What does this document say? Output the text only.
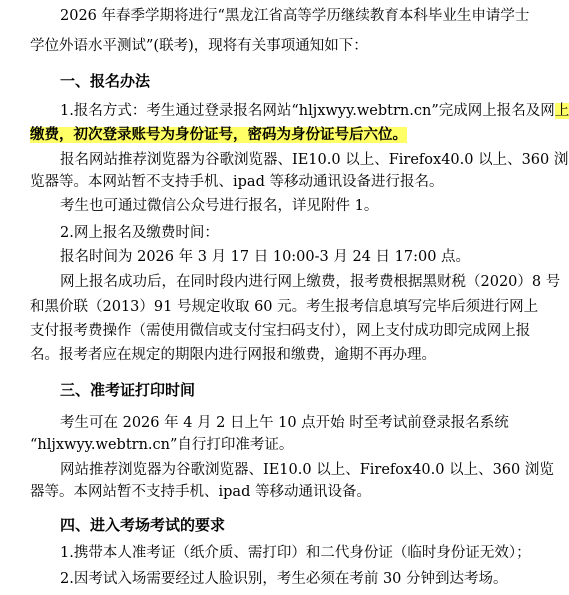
2026 年春季学期将进行“黑龙江省高等学历继续教育本科毕业生申请学士
学位外语水平测试”(联考)，现将有关事项通知如下：
一、报名办法
1.报名方式：考生通过登录报名网站“hljxwyy.webtrn.cn”完成网上报名及网上
缴费，初次登录账号为身份证号，密码为身份证号后六位。
报名网站推荐浏览器为谷歌浏览器、IE10.0 以上、Firefox40.0 以上、360 浏
览器等。本网站暂不支持手机、ipad 等移动通讯设备进行报名。
考生也可通过微信公众号进行报名，详见附件 1。
2.网上报名及缴费时间：
报名时间为 2026 年 3 月 17 日 10:00-3 月 24 日 17:00 点。
网上报名成功后，在同时段内进行网上缴费，报考费根据黑财税（2020）8 号
和黑价联（2013）91 号规定收取 60 元。考生报考信息填写完毕后须进行网上
支付报考费操作（需使用微信或支付宝扫码支付），网上支付成功即完成网上报
名。报考者应在规定的期限内进行网报和缴费，逾期不再办理。
三、准考证打印时间
考生可在 2026 年 4 月 2 日上午 10 点开始 时至考试前登录报名系统
“hljxwyy.webtrn.cn”自行打印准考证。
网站推荐浏览器为谷歌浏览器、IE10.0 以上、Firefox40.0 以上、360 浏览
器等。本网站暂不支持手机、ipad 等移动通讯设备。
四、进入考场考试的要求
1.携带本人准考证（纸介质、需打印）和二代身份证（临时身份证无效）；
2.因考试入场需要经过人脸识别，考生必须在考前 30 分钟到达考场。
